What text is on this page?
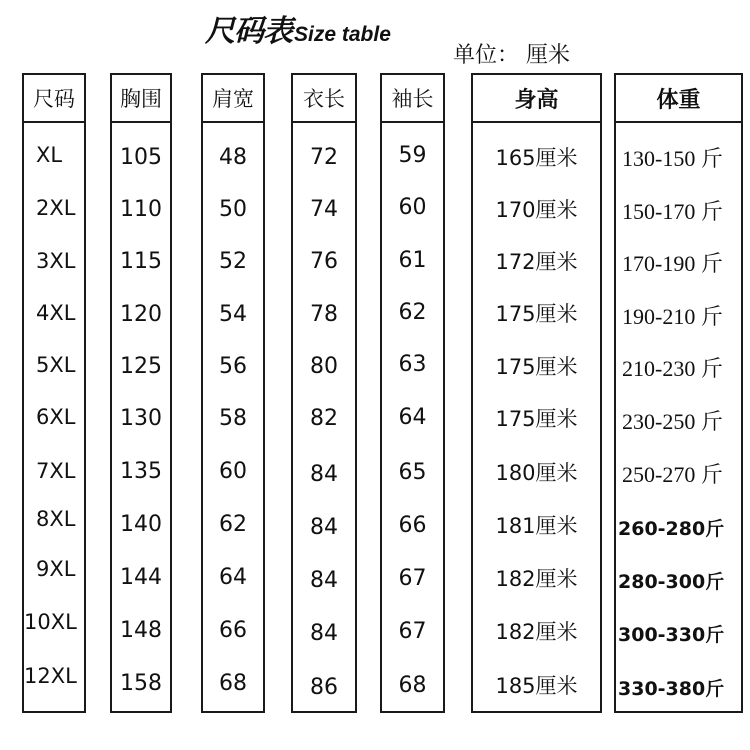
尺码表 Size table
单位： 厘米
尺码
XL
2XL
3XL
4XL
5XL
6XL
7XL
8XL
9XL
10XL
12XL
胸围
105
110
115
120
125
130
135
140
144
148
158
肩宽
48
50
52
54
56
58
60
62
64
66
68
衣长
72
74
76
78
80
82
84
84
84
84
86
袖长
59
60
61
62
63
64
65
66
67
67
68
身高
165厘米
170厘米
172厘米
175厘米
175厘米
175厘米
180厘米
181厘米
182厘米
182厘米
185厘米
体重
130-150 斤
150-170 斤
170-190 斤
190-210 斤
210-230 斤
230-250 斤
250-270 斤
260-280斤
280-300斤
300-330斤
330-380斤
